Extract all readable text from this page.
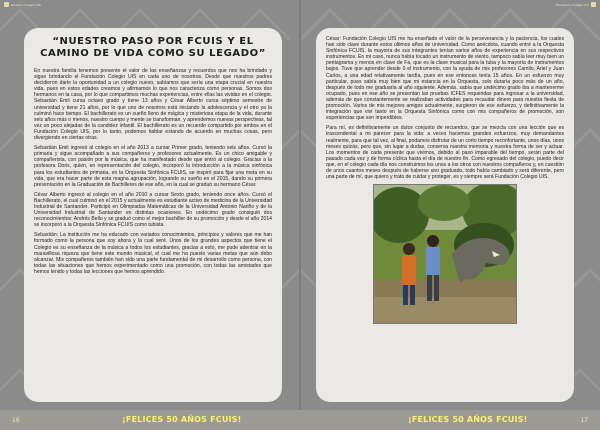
“NUESTRO PASO POR FCUIS Y EL CAMINO DE VIDA COMO SU LEGADO”

En nuestra familia tenemos presente el valor de las enseñanzas y recuerdos que nos ha brindado y sigue brindando el Fundación Colegio UIS en cada uno de nosotros. Desde que nuestros padres decidieron darle la oportunidad a un colegio nuevo, sabíamos que sería una etapa crucial en nuestra vida, pues en estos edades creamos y afirmamos lo que nos caracteriza como personas. Somos dos hermanos en la casa, por lo que compartimos muchas experiencias, entre ellas las vividas en el colegio. Sebastián Emil cursa octavo grado y tiene 13 años y César Alberto cursa séptimo semestre de universidad y tiene 21 años, por lo que uno de nosotros está iniciando la adolescencia y el otro ya la culminó hace tiempo. El bachillerato es un sueño lleno de mágica y misteriosa etapa de la vida, durante seis años más o menos, nuestro cuerpo y mente se transforman, y aprendemos nuevas perspectivas, tal vez un poco alejadas de la candidez infantil. El bachillerato es un recuerdo compartido por ambos en el Fundación Colegio UIS, por lo tanto, podemos hablar estando de acuerdo en muchas cosas, pero divergiendo en ciertas otras.

Sebastián Emil ingresó al colegio en el año 2013 a cursar Primer grado, teniendo seis años. Cursó la primaria y sigue acompañado a sus compañeros y profesores actualmente. Es un chico amigable y compañerista, con pasión por la música, que ha manifestado desde que entró al colegio. Gracias a la profesora Doris, quien, en representación del colegio, incorporó la introducción a la música sinfónica para los estudiantes de primaria, en la Orquesta Sinfónica FCUIS, se inspiró para fijar una meta en su vida, que era hacer parte de esta magna agrupación, logrando su sueño en el 2015, dando su primera presentación en la Graduación de Bachilleres de ese año, en la cual se graduó su hermano César.

César Alberto ingresó al colegio en el año 2010 a cursar Sexto grado, teniendo once años. Cursó el Bachillerato, el cual culminó en el 2015 y actualmente es estudiante activo de medicina de la Universidad Industrial de Santander. Participó en Olimpiadas Matemáticas de la Universidad Antonio Nariño y de la Universidad Industrial de Santander en distintas ocasiones. En undécimo grado consiguió dos reconocimientos: Andrés Bello y se graduó como el mejor bachiller de su promoción y desde el año 2014 se incorporó a la Orquesta Sinfónica FCUIS como tubista.

Sebastián: La institución me ha educado con variados conocimientos, principios y valores que me han formado como la persona que soy ahora y la cual seré. Unos de los grandes aspectos que tiene el Colegio es su enseñanza de la música a todos los estudiantes, gracias a esto, me pude adentrar en la maravillosa riqueza que tiene este mundo musical, el cual me ha puesto varias metas que aún debo alcanzar. Mis compañeros también han sido una parte fundamental de mi desarrollo como persona, con todas las situaciones que hemos experimentado como una promoción, con todas las amistades que hemos tenido y todas las lecciones que hemos aprendido.

César: Fundación Colegio UIS me ha enseñado el valor de la perseverancia y la paciencia, los cuales han sido clave durante estos últimos años de universidad. Como anécdota, cuando entré a la Orquesta Sinfónica FCUIS, la mayoría de sus integrantes tenían varios años de experiencia en sus respectivos instrumentos. En mi caso, nunca había tocado un instrumento de viento, tampoco sabía leer muy bien un pentagrama y menos en clave de Fa, que es la clave musical para la tuba y la mayoría de instrumentos bajos. Tuve que aprender desde 0 el instrumento, con la ayuda de mis profesores Camilo, Ariel y Juan Carlos, a una edad relativamente tardía, pues en ese entonces tenía 15 años. En un esfuerzo muy particular, pues sabía muy bien que mi estancia en la Orquesta, solo duraría poco más de un año, después de todo me graduaría al año siguiente. Además, sabía que undécimo grado iba a mantenerme ocupado, pues en ese año se presentan las pruebas ICFES requeridas para ingresar a la universidad, además de que constantemente se realizaban actividades para recaudar dinero para nuestra fiesta de promoción. Varios de mis mejores amigos actualmente, surgieron de ese esfuerzo, y definitivamente la integración que viví tanto en la Orquesta Sinfónica como con mis compañeros de promoción, son experiencias que son imperdibles.

Para mí, es definitivamente un dulce conjunto de recuerdos, que se mezcla con una lección que es trascendental a mi parecer para la vida: a veces hacemos grandes esfuerzos, muy demandantes realmente, para que tal vez, al final, podamos disfrutar de un corto tiempo reconfortante, unos días, unos meses quizás, pero que, sin lugar a dudas, conserva nuestra memoria y nuestra forma de ser y actuar. Los momentos de cada presente que vivimos, debido al paso imparable del tiempo, serán parte del pasado cada vez y de forma cíclica hasta el día de nuestro fin. Como egresado del colegio, puedo decir que, en el colegio cada día nos construimos los unos a los otros con nuestros compañeros y, en cuestión de unos cuantos meses después de haberse uno graduado, todo había cambiado y será diferente, pero una parte de mí, que quiero y trato de cuidar y proteger, es y siempre será Fundación Colegio UIS.

16	¡FELICES 50 AÑOS FCUIS!	¡FELICES 50 AÑOS FCUIS!	17
Nuestro Colegio UIS	Fundación Colegio UIS
